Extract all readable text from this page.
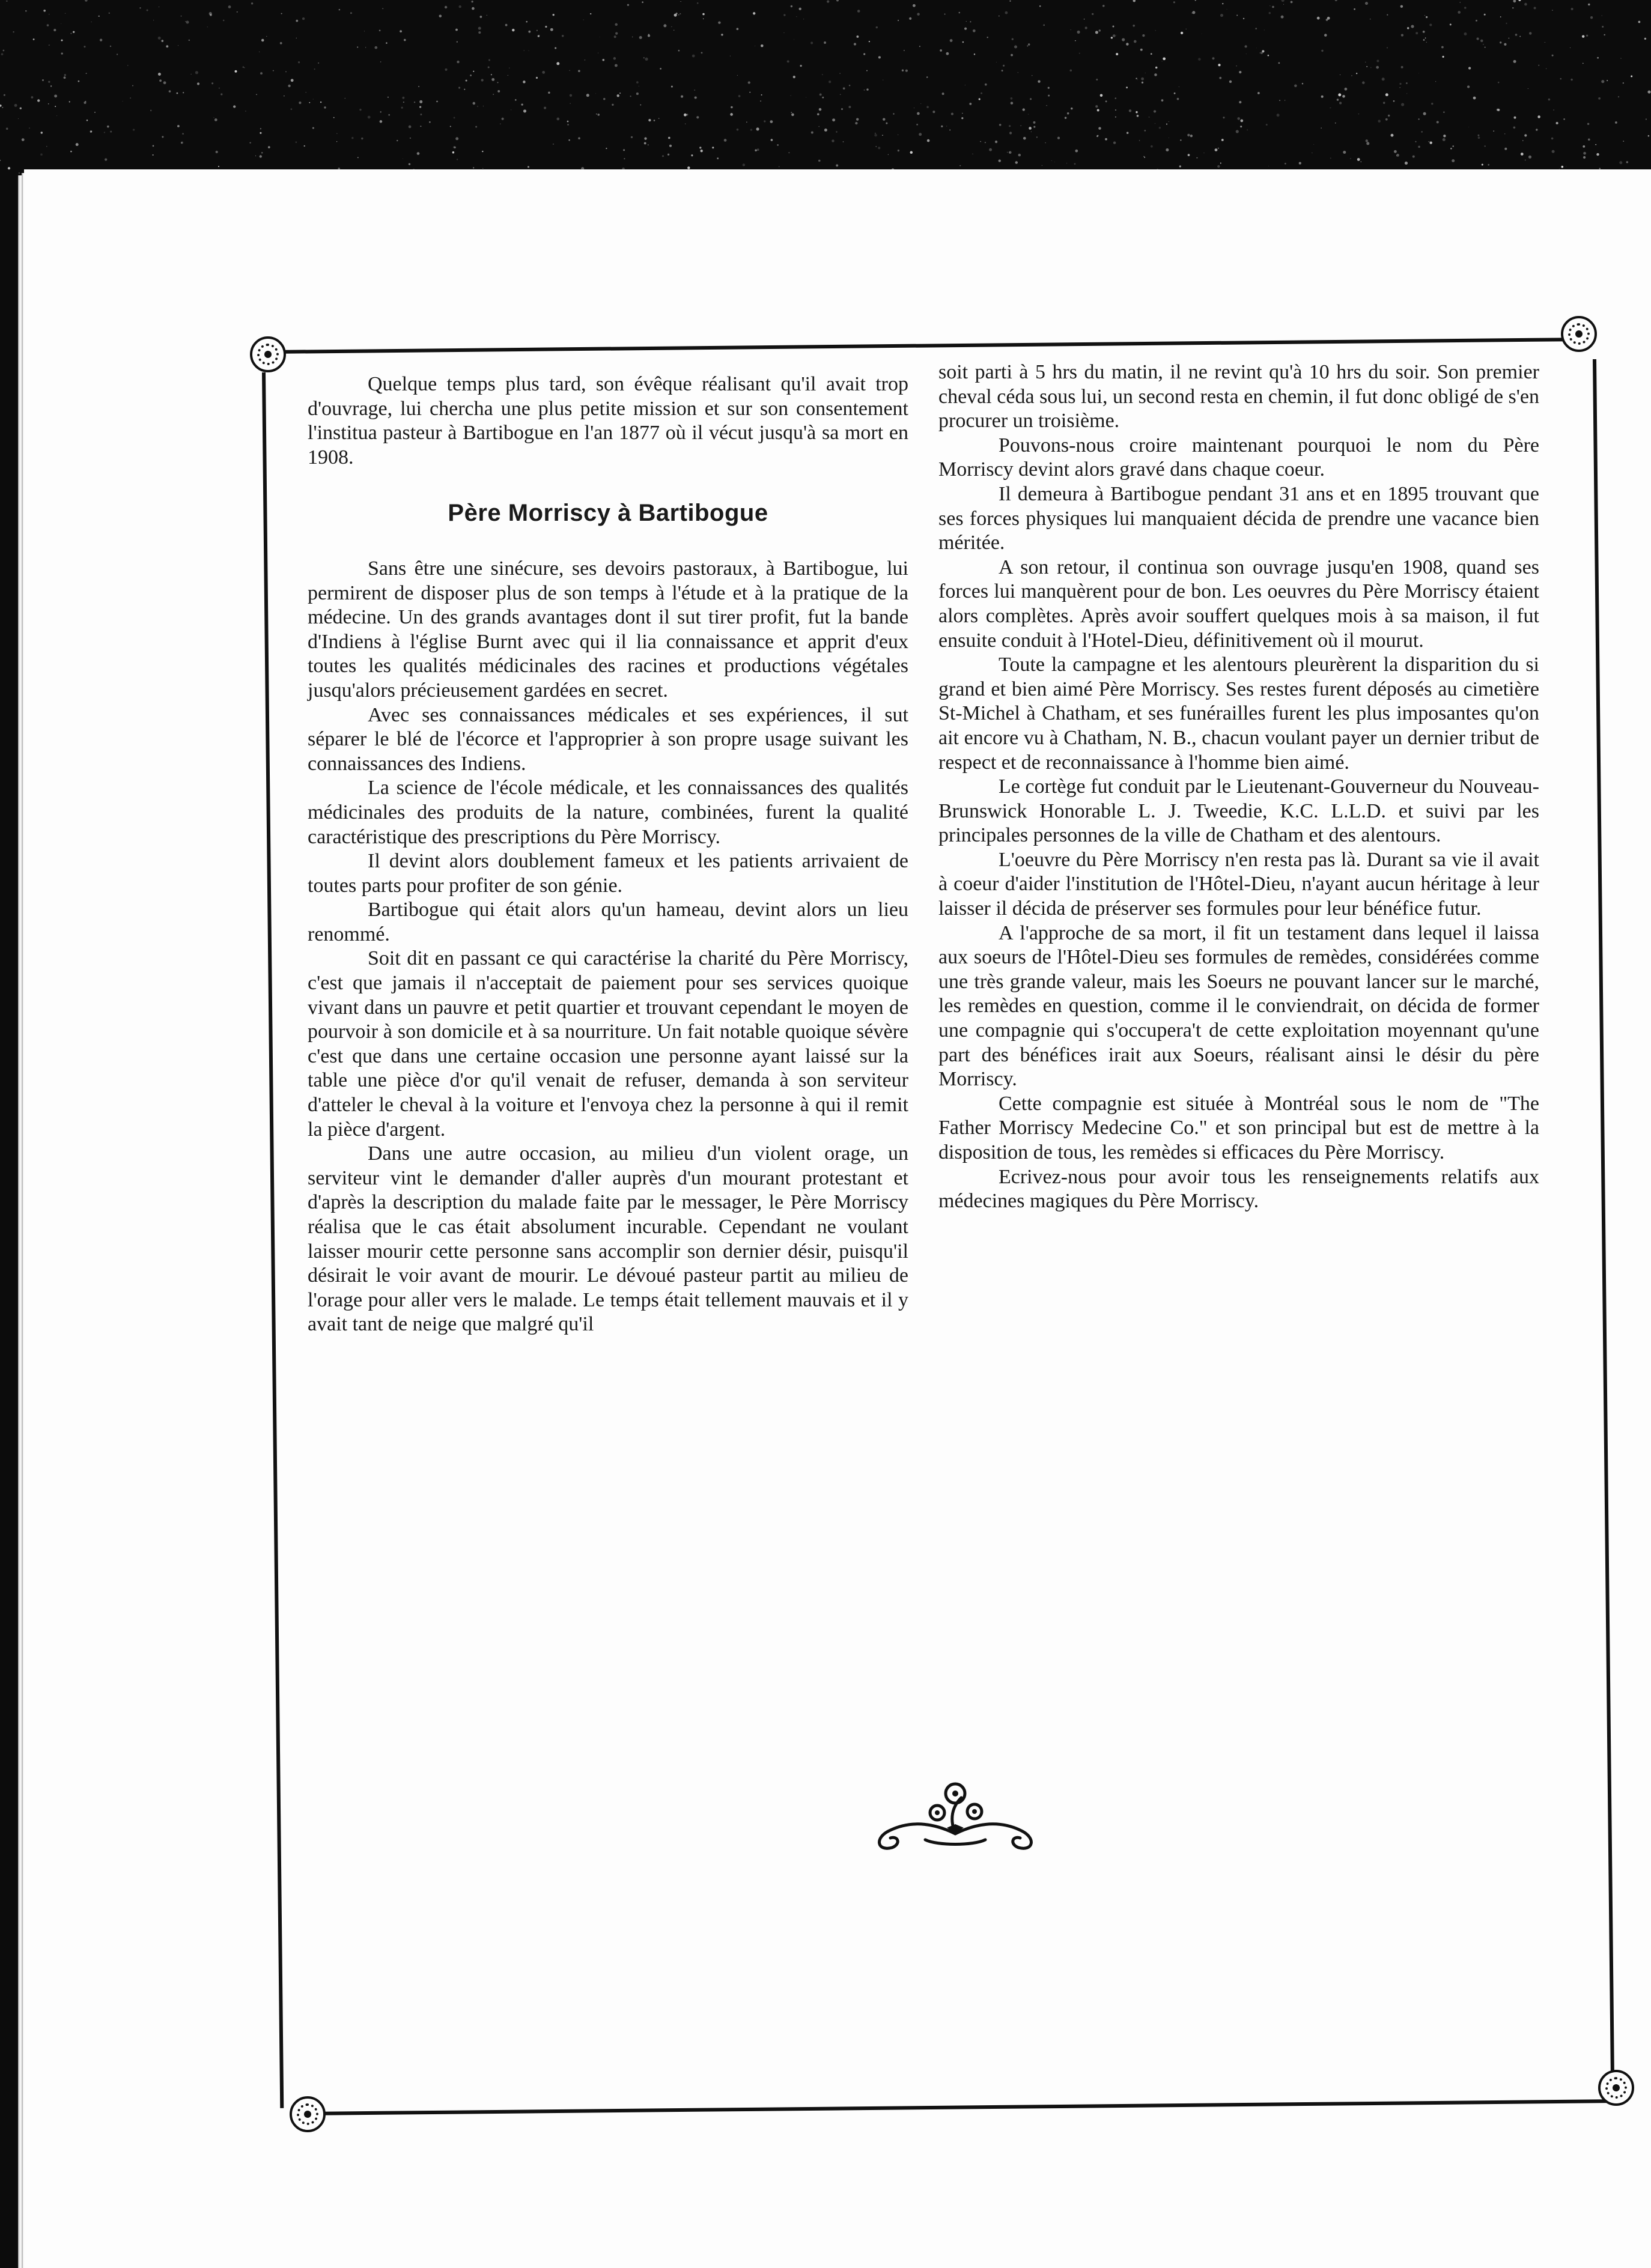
Quelque temps plus tard, son évêque réalisant qu'il avait trop d'ouvrage, lui chercha une plus petite mission et sur son consentement l'institua pasteur à Bartibogue en l'an 1877 où il vécut jusqu'à sa mort en 1908.

Père Morriscy à Bartibogue

Sans être une sinécure, ses devoirs pastoraux, à Bartibogue, lui permirent de disposer plus de son temps à l'étude et à la pratique de la médecine. Un des grands avantages dont il sut tirer profit, fut la bande d'Indiens à l'église Burnt avec qui il lia connaissance et apprit d'eux toutes les qualités médicinales des racines et productions végétales jusqu'alors précieusement gardées en secret.

Avec ses connaissances médicales et ses expériences, il sut séparer le blé de l'écorce et l'approprier à son propre usage suivant les connaissances des Indiens.

La science de l'école médicale, et les connaissances des qualités médicinales des produits de la nature, combinées, furent la qualité caractéristique des prescriptions du Père Morriscy.

Il devint alors doublement fameux et les patients arrivaient de toutes parts pour profiter de son génie.

Bartibogue qui était alors qu'un hameau, devint alors un lieu renommé.

Soit dit en passant ce qui caractérise la charité du Père Morriscy, c'est que jamais il n'acceptait de paiement pour ses services quoique vivant dans un pauvre et petit quartier et trouvant cependant le moyen de pourvoir à son domicile et à sa nourriture. Un fait notable quoique sévère c'est que dans une certaine occasion une personne ayant laissé sur la table une pièce d'or qu'il venait de refuser, demanda à son serviteur d'atteler le cheval à la voiture et l'envoya chez la personne à qui il remit la pièce d'argent.

Dans une autre occasion, au milieu d'un violent orage, un serviteur vint le demander d'aller auprès d'un mourant protestant et d'après la description du malade faite par le messager, le Père Morriscy réalisa que le cas était absolument incurable. Cependant ne voulant laisser mourir cette personne sans accomplir son dernier désir, puisqu'il désirait le voir avant de mourir. Le dévoué pasteur partit au milieu de l'orage pour aller vers le malade. Le temps était tellement mauvais et il y avait tant de neige que malgré qu'il

soit parti à 5 hrs du matin, il ne revint qu'à 10 hrs du soir. Son premier cheval céda sous lui, un second resta en chemin, il fut donc obligé de s'en procurer un troisième.

Pouvons-nous croire maintenant pourquoi le nom du Père Morriscy devint alors gravé dans chaque coeur.

Il demeura à Bartibogue pendant 31 ans et en 1895 trouvant que ses forces physiques lui manquaient décida de prendre une vacance bien méritée.

A son retour, il continua son ouvrage jusqu'en 1908, quand ses forces lui manquèrent pour de bon. Les oeuvres du Père Morriscy étaient alors complètes. Après avoir souffert quelques mois à sa maison, il fut ensuite conduit à l'Hotel-Dieu, définitivement où il mourut.

Toute la campagne et les alentours pleurèrent la disparition du si grand et bien aimé Père Morriscy. Ses restes furent déposés au cimetière St-Michel à Chatham, et ses funérailles furent les plus imposantes qu'on ait encore vu à Chatham, N. B., chacun voulant payer un dernier tribut de respect et de reconnaissance à l'homme bien aimé.

Le cortège fut conduit par le Lieutenant-Gouverneur du Nouveau-Brunswick Honorable L. J. Tweedie, K.C. L.L.D. et suivi par les principales personnes de la ville de Chatham et des alentours.

L'oeuvre du Père Morriscy n'en resta pas là. Durant sa vie il avait à coeur d'aider l'institution de l'Hôtel-Dieu, n'ayant aucun héritage à leur laisser il décida de préserver ses formules pour leur bénéfice futur.

A l'approche de sa mort, il fit un testament dans lequel il laissa aux soeurs de l'Hôtel-Dieu ses formules de remèdes, considérées comme une très grande valeur, mais les Soeurs ne pouvant lancer sur le marché, les remèdes en question, comme il le conviendrait, on décida de former une compagnie qui s'occupera't de cette exploitation moyennant qu'une part des bénéfices irait aux Soeurs, réalisant ainsi le désir du père Morriscy.

Cette compagnie est située à Montréal sous le nom de "The Father Morriscy Medecine Co." et son principal but est de mettre à la disposition de tous, les remèdes si efficaces du Père Morriscy.

Ecrivez-nous pour avoir tous les renseignements relatifs aux médecines magiques du Père Morriscy.
